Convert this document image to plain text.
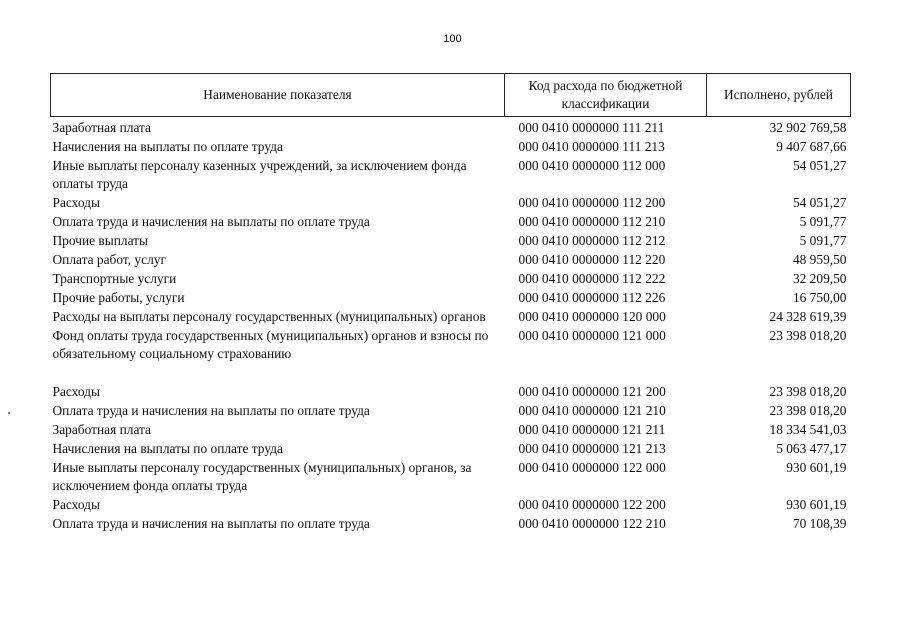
100
Наименование показателя	Код расхода по бюджетной классификации	Исполнено, рублей
Заработная плата	000 0410 0000000 111 211	32 902 769,58
Начисления на выплаты по оплате труда	000 0410 0000000 111 213	9 407 687,66
Иные выплаты персоналу казенных учреждений, за исключением фонда оплаты труда	000 0410 0000000 112 000	54 051,27
Расходы	000 0410 0000000 112 200	54 051,27
Оплата труда и начисления на выплаты по оплате труда	000 0410 0000000 112 210	5 091,77
Прочие выплаты	000 0410 0000000 112 212	5 091,77
Оплата работ, услуг	000 0410 0000000 112 220	48 959,50
Транспортные услуги	000 0410 0000000 112 222	32 209,50
Прочие работы, услуги	000 0410 0000000 112 226	16 750,00
Расходы на выплаты персоналу государственных (муниципальных) органов	000 0410 0000000 120 000	24 328 619,39
Фонд оплаты труда государственных (муниципальных) органов и взносы по обязательному социальному страхованию	000 0410 0000000 121 000	23 398 018,20
Расходы	000 0410 0000000 121 200	23 398 018,20
Оплата труда и начисления на выплаты по оплате труда	000 0410 0000000 121 210	23 398 018,20
Заработная плата	000 0410 0000000 121 211	18 334 541,03
Начисления на выплаты по оплате труда	000 0410 0000000 121 213	5 063 477,17
Иные выплаты персоналу государственных (муниципальных) органов, за исключением фонда оплаты труда	000 0410 0000000 122 000	930 601,19
Расходы	000 0410 0000000 122 200	930 601,19
Оплата труда и начисления на выплаты по оплате труда	000 0410 0000000 122 210	70 108,39
